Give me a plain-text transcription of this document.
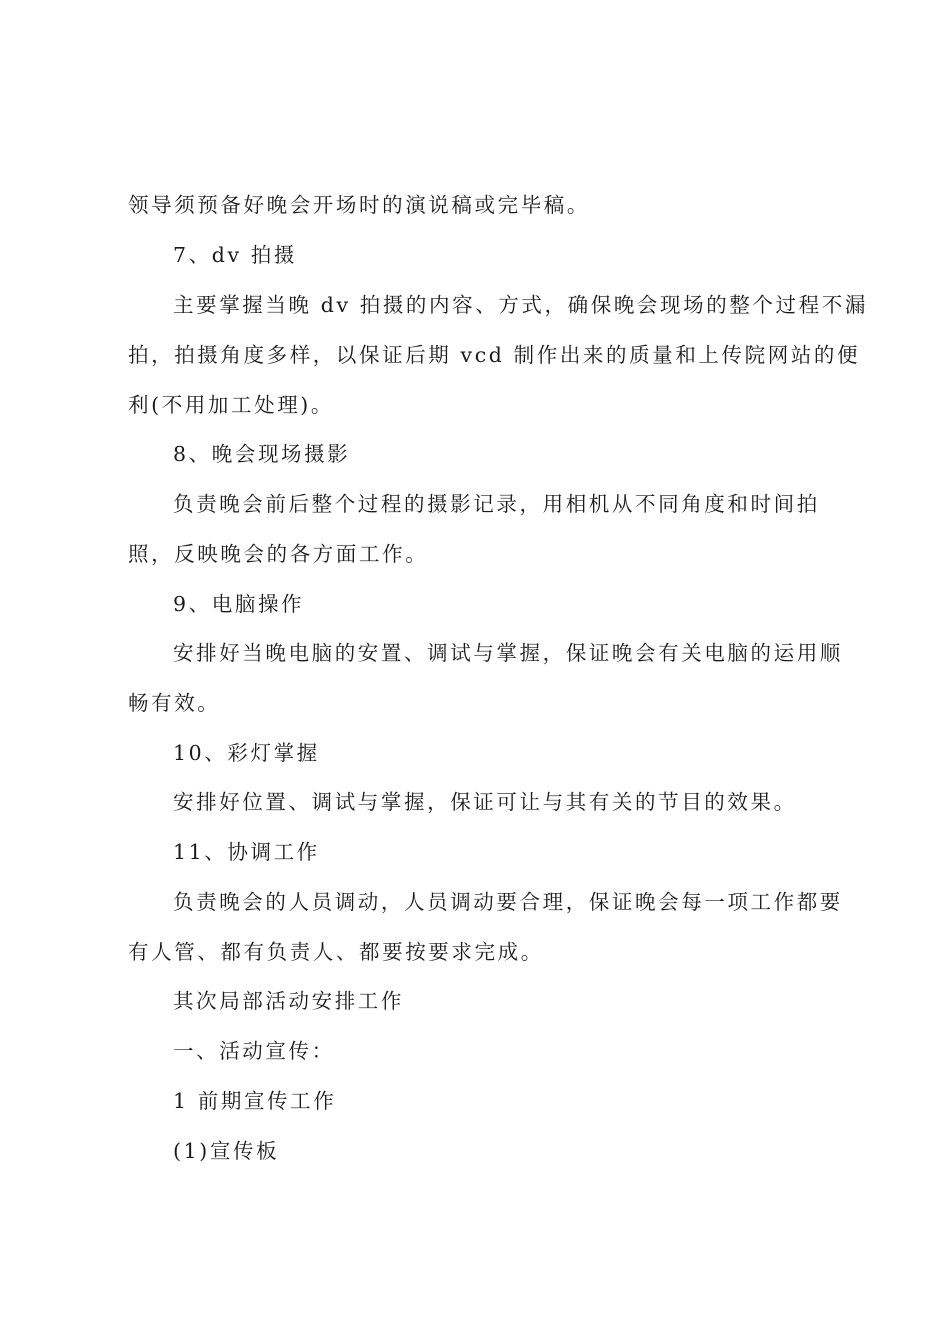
领导须预备好晚会开场时的演说稿或完毕稿。
7、dv 拍摄
主要掌握当晚 dv 拍摄的内容、方式，确保晚会现场的整个过程不漏
拍，拍摄角度多样，以保证后期 vcd 制作出来的质量和上传院网站的便
利(不用加工处理)。
8、晚会现场摄影
负责晚会前后整个过程的摄影记录，用相机从不同角度和时间拍
照，反映晚会的各方面工作。
9、电脑操作
安排好当晚电脑的安置、调试与掌握，保证晚会有关电脑的运用顺
畅有效。
10、彩灯掌握
安排好位置、调试与掌握，保证可让与其有关的节目的效果。
11、协调工作
负责晚会的人员调动，人员调动要合理，保证晚会每一项工作都要
有人管、都有负责人、都要按要求完成。
其次局部活动安排工作
一、活动宣传：
1 前期宣传工作
(1)宣传板
